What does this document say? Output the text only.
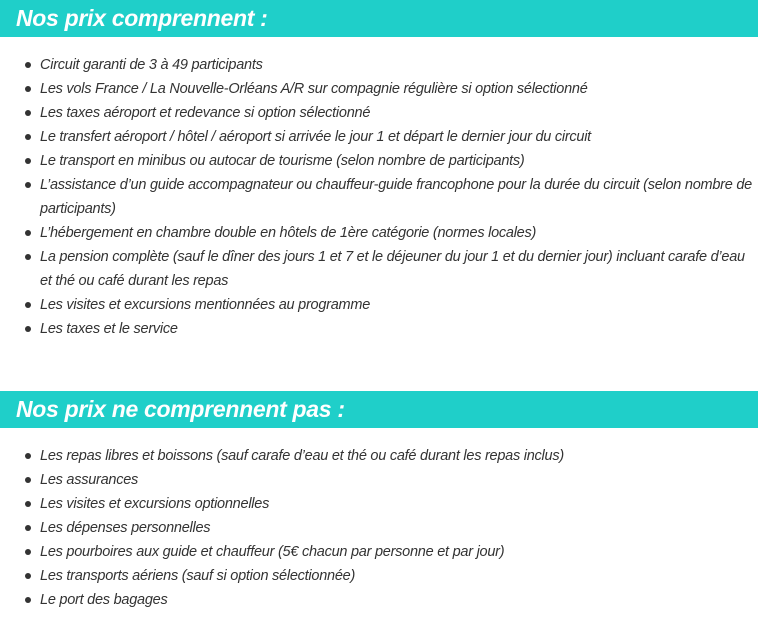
Nos prix comprennent :
Circuit garanti de 3 à 49 participants
Les vols France / La Nouvelle-Orléans A/R sur compagnie régulière si option sélectionné
Les taxes aéroport et redevance si option sélectionné
Le transfert aéroport / hôtel / aéroport si arrivée le jour 1 et départ le dernier jour du circuit
Le transport en minibus ou autocar de tourisme (selon nombre de participants)
L’assistance d’un guide accompagnateur ou chauffeur-guide francophone pour la durée du circuit (selon nombre de participants)
L’hébergement en chambre double en hôtels de 1ère catégorie (normes locales)
La pension complète (sauf le dîner des jours 1 et 7 et le déjeuner du jour 1 et du dernier jour) incluant carafe d’eau et thé ou café durant les repas
Les visites et excursions mentionnées au programme
Les taxes et le service
Nos prix ne comprennent pas :
Les repas libres et boissons (sauf carafe d’eau et thé ou café durant les repas inclus)
Les assurances
Les visites et excursions optionnelles
Les dépenses personnelles
Les pourboires aux guide et chauffeur (5€ chacun par personne et par jour)
Les transports aériens (sauf si option sélectionnée)
Le port des bagages
